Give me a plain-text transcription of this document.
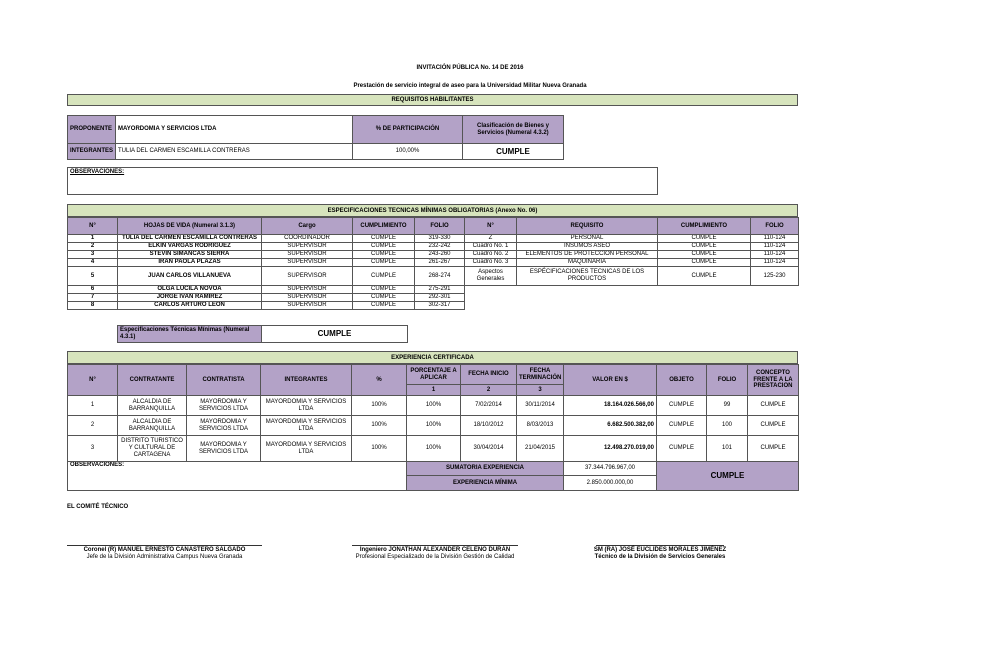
INVITACIÓN PÚBLICA No. 14 DE 2016
Prestación de servicio integral de aseo para la Universidad Militar Nueva Granada
REQUISITOS HABILITANTES
PROPONENTE	MAYORDOMIA Y SERVICIOS LTDA	% DE PARTICIPACIÓN	Clasificación de Bienes y Servicios (Numeral 4.3.2)
INTEGRANTES	TULIA DEL CARMEN ESCAMILLA CONTRERAS	100,00%	CUMPLE
OBSERVACIONES:
ESPECIFICACIONES TECNICAS MÍNIMAS OBLIGATORIAS (Anexo No. 06)
N°	HOJAS DE VIDA (Numeral 3.1.3)	Cargo	CUMPLIMIENTO	FOLIO
1	TULIA DEL CARMEN ESCAMILLA CONTRERAS	COORDINADOR	CUMPLE	319-330
2	ELKIN VARGAS RODRIGUEZ	SUPERVISOR	CUMPLE	232-242
3	STEVIN SIMANCAS SIERRA	SUPERVISOR	CUMPLE	243-260
4	IRAN PAOLA PLAZAS	SUPERVISOR	CUMPLE	261-267
5	JUAN CARLOS VILLANUEVA	SUPERVISOR	CUMPLE	268-274
6	OLGA LUCILA NOVOA	SUPERVISOR	CUMPLE	275-291
7	JORGE IVAN RAMIREZ	SUPERVISOR	CUMPLE	292-301
8	CARLOS ARTURO LEON	SUPERVISOR	CUMPLE	302-317
N°	REQUISITO	CUMPLIMIENTO	FOLIO
Z	PERSONAL	CUMPLE	110-124
Cuadro No. 1	INSUMOS ASEO	CUMPLE	110-124
Cuadro No. 2	ELEMENTOS DE PROTECCION PERSONAL	CUMPLE	110-124
Cuadro No. 3	MAQUINARIA	CUMPLE	110-124
Aspectos Generales	ESPÉCIFICACIONES TECNICAS DE LOS PRODUCTOS	CUMPLE	125-230
Especificaciones Técnicas Mínimas (Numeral 4.3.1)	CUMPLE
EXPERIENCIA CERTIFICADA
N°	CONTRATANTE	CONTRATISTA	INTEGRANTES	%	PORCENTAJE A APLICAR	FECHA INICIO	FECHA TERMINACIÓN	VALOR EN $	OBJETO	FOLIO	CONCEPTO FRENTE A LA PRESTACION
					1	2	3				
1	ALCALDIA DE BARRANQUILLA	MAYORDOMIA Y SERVICIOS LTDA	MAYORDOMIA Y SERVICIOS LTDA	100%	100%	7/02/2014	30/11/2014	18.164.026.566,00	CUMPLE	99	CUMPLE
2	ALCALDIA DE BARRANQUILLA	MAYORDOMIA Y SERVICIOS LTDA	MAYORDOMIA Y SERVICIOS LTDA	100%	100%	18/10/2012	8/03/2013	6.682.500.382,00	CUMPLE	100	CUMPLE
3	DISTRITO TURISTICO Y CULTURAL DE CARTAGENA	MAYORDOMIA Y SERVICIOS LTDA	MAYORDOMIA Y SERVICIOS LTDA	100%	100%	30/04/2014	21/04/2015	12.498.270.019,00	CUMPLE	101	CUMPLE
OBSERVACIONES:					SUMATORIA EXPERIENCIA			37.344.796.967,00	CUMPLE		
					EXPERIENCIA MÍNIMA			2.850.000.000,00			
EL COMITÉ TÉCNICO
Coronel (R) MANUEL ERNESTO CANASTERO SALGADO
Jefe de la División Administrativa Campus Nueva Granada
Ingeniero JONATHAN ALEXANDER CELENO DURÁN
Profesional Especializado de la División Gestión de Calidad
SM (RA) JOSÉ EUCLIDES MORALES JIMÉNEZ
Técnico de la División de Servicios Generales
